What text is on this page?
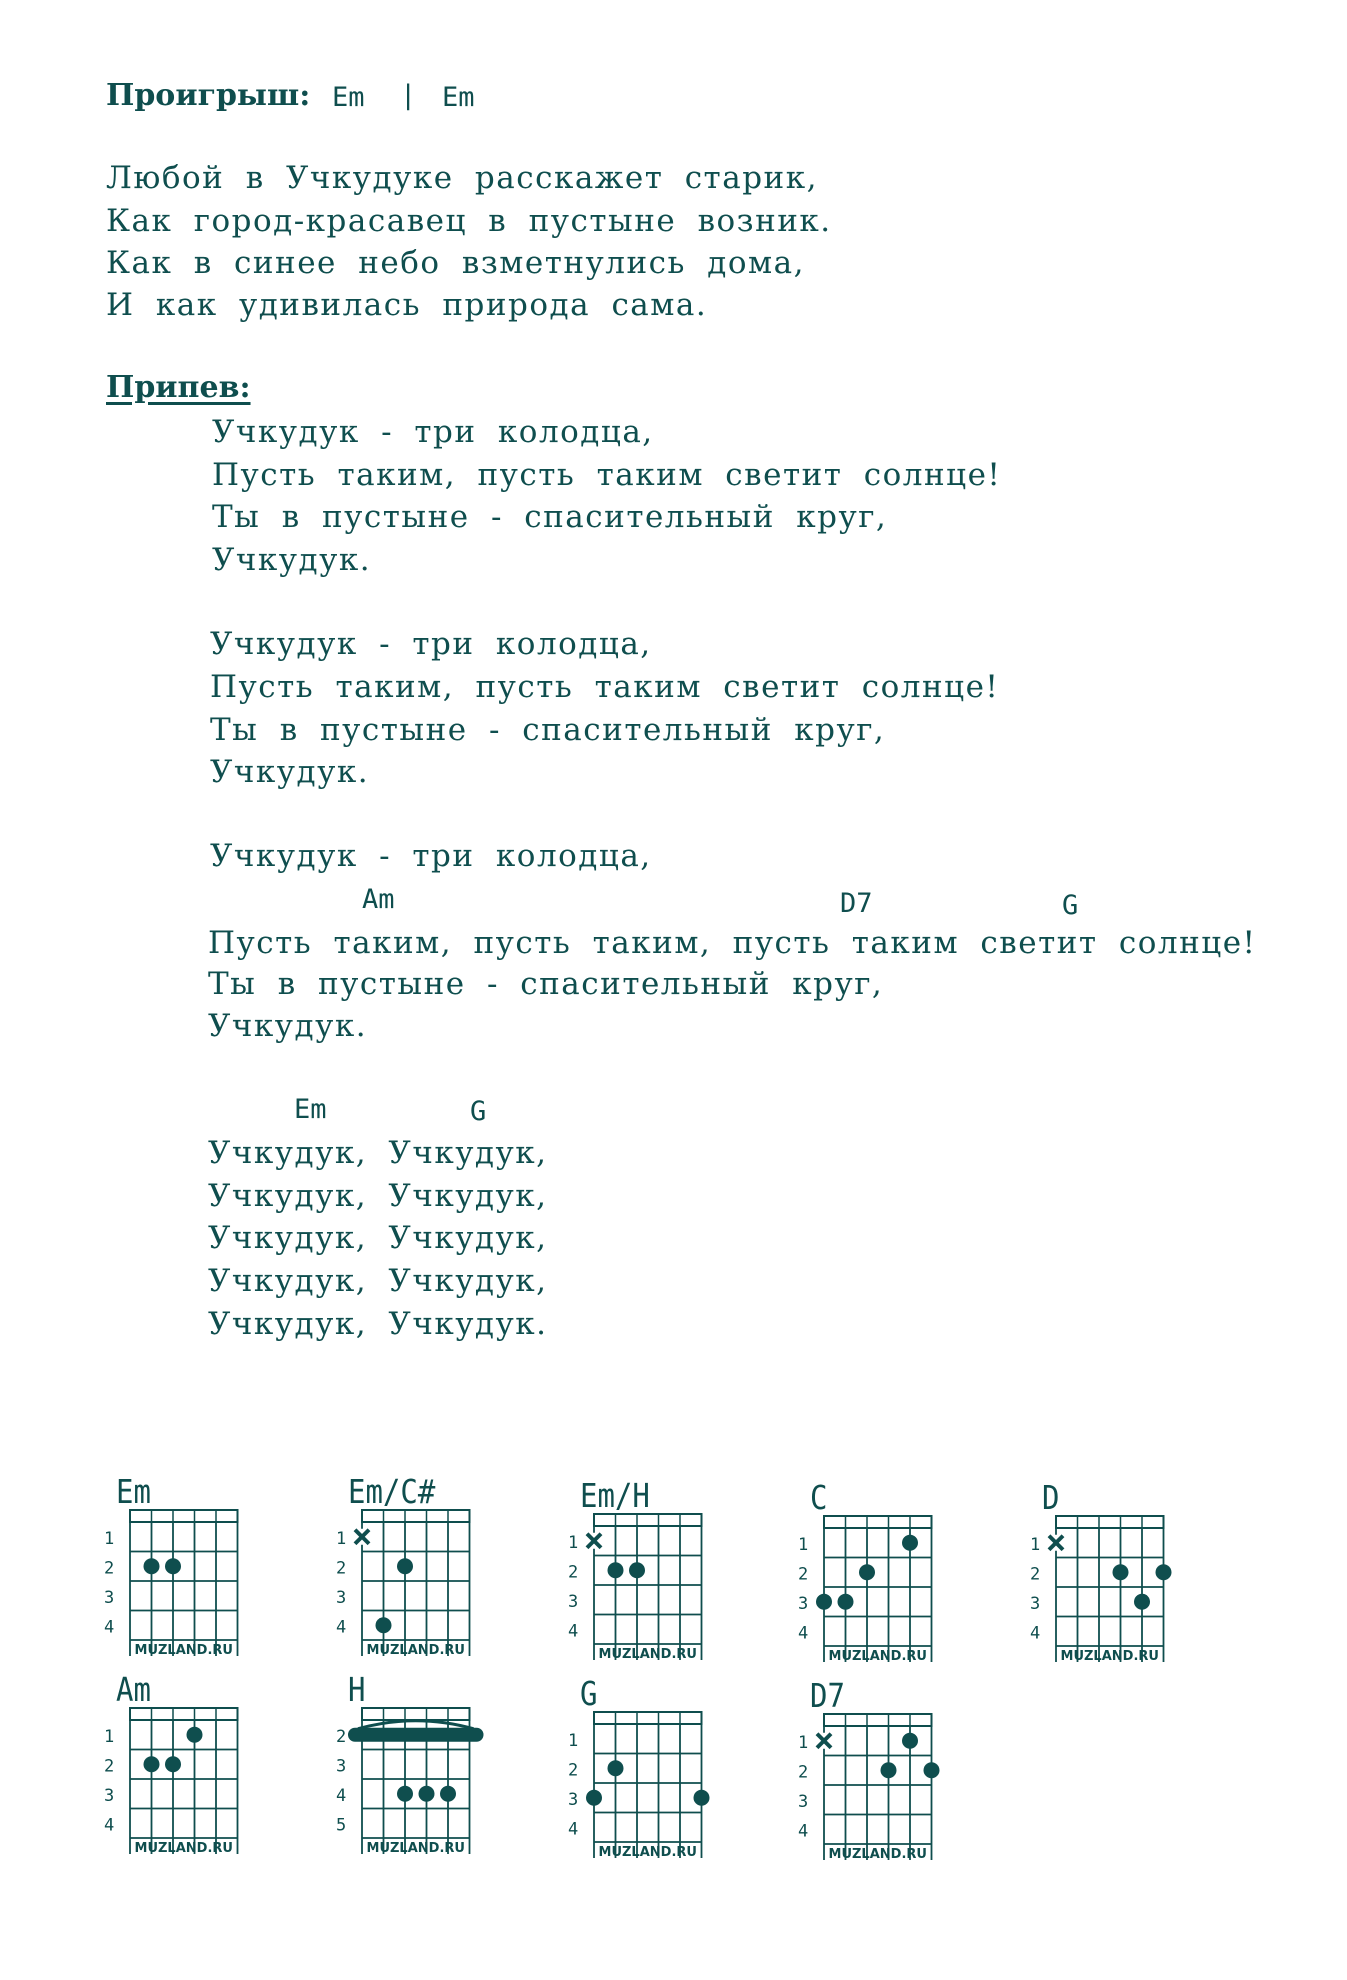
Проигрыш: Em | Em
Любой в Учкудуке расскажет старик,
Как город-красавец в пустыне возник.
Как в синее небо взметнулись дома,
И как удивилась природа сама.
Припев:
Учкудук - три колодца,
Пусть таким, пусть таким светит солнце!
Ты в пустыне - спасительный круг,
Учкудук.
Учкудук - три колодца,
Пусть таким, пусть таким светит солнце!
Ты в пустыне - спасительный круг,
Учкудук.
Учкудук - три колодца,
Am	D7	G
Пусть таким, пусть таким, пусть таким светит солнце!
Ты в пустыне - спасительный круг,
Учкудук.
Em	G
Учкудук, Учкудук,
Учкудук, Учкудук,
Учкудук, Учкудук,
Учкудук, Учкудук,
Учкудук, Учкудук.
Em
1
2
3
4
MUZLAND.RU
Em/C#
1
2
3
4
MUZLAND.RU
Em/H
1
2
3
4
MUZLAND.RU
C
1
2
3
4
MUZLAND.RU
D
1
2
3
4
MUZLAND.RU
Am
1
2
3
4
MUZLAND.RU
H
2
3
4
5
MUZLAND.RU
G
1
2
3
4
MUZLAND.RU
D7
1
2
3
4
MUZLAND.RU
